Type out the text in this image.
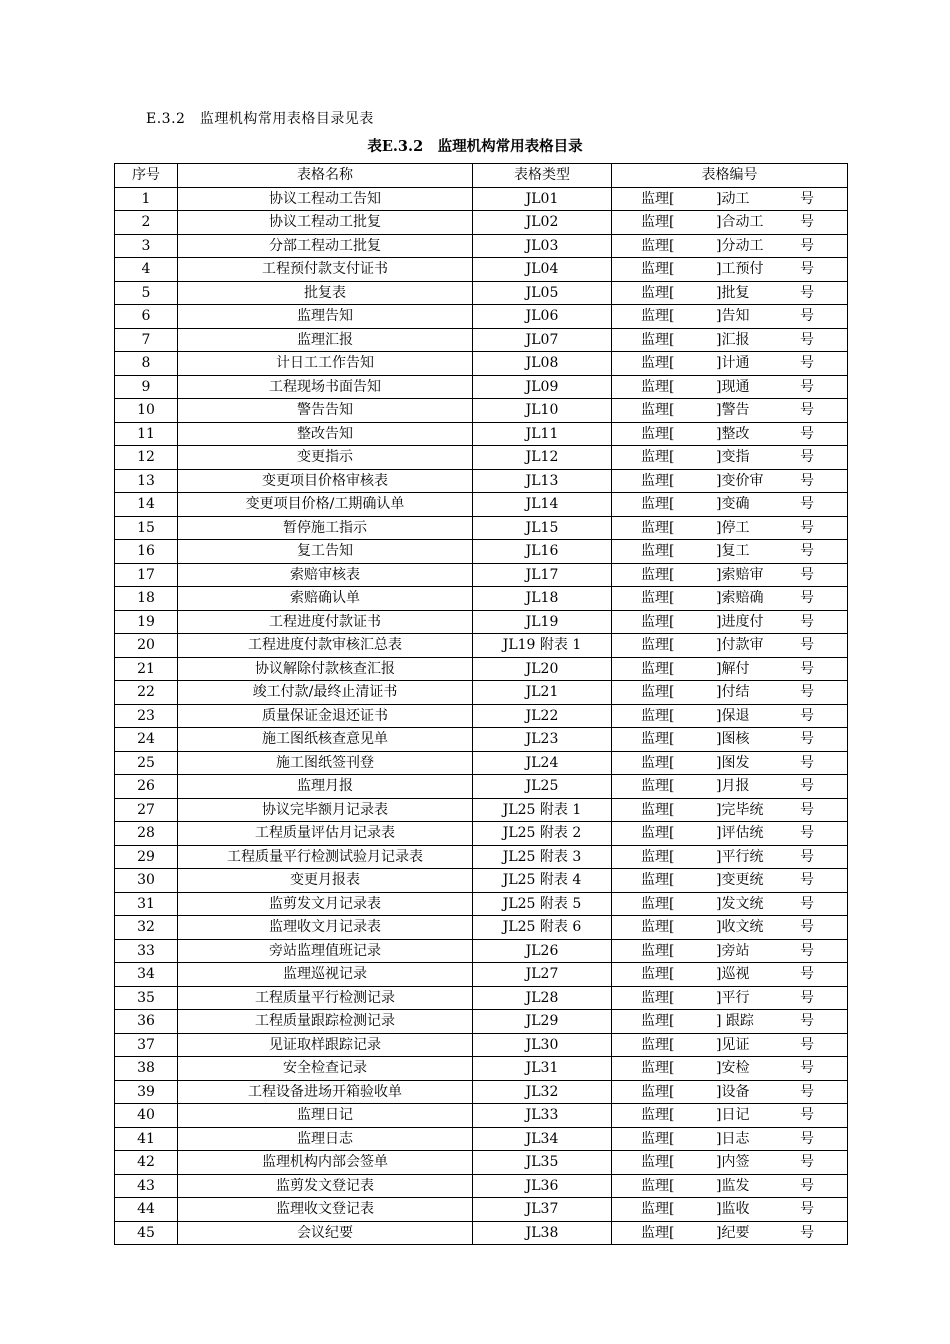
E.3.2　监理机构常用表格目录见表
表E.3.2　监理机构常用表格目录
序号	表格名称	表格类型	表格编号
1	协议工程动工告知	JL01	监理[ ]动工 号

2	协议工程动工批复	JL02	监理[ ]合动工 号

3	分部工程动工批复	JL03	监理[ ]分动工 号

4	工程预付款支付证书	JL04	监理[ ]工预付 号

5	批复表	JL05	监理[ ]批复 号

6	监理告知	JL06	监理[ ]告知 号

7	监理汇报	JL07	监理[ ]汇报 号

8	计日工工作告知	JL08	监理[ ]计通 号

9	工程现场书面告知	JL09	监理[ ]现通 号

10	警告告知	JL10	监理[ ]警告 号

11	整改告知	JL11	监理[ ]整改 号

12	变更指示	JL12	监理[ ]变指 号

13	变更项目价格审核表	JL13	监理[ ]变价审 号

14	变更项目价格/工期确认单	JL14	监理[ ]变确 号

15	暂停施工指示	JL15	监理[ ]停工 号

16	复工告知	JL16	监理[ ]复工 号

17	索赔审核表	JL17	监理[ ]索赔审 号

18	索赔确认单	JL18	监理[ ]索赔确 号

19	工程进度付款证书	JL19	监理[ ]进度付 号

20	工程进度付款审核汇总表	JL19 附表 1	监理[ ]付款审 号

21	协议解除付款核查汇报	JL20	监理[ ]解付 号

22	竣工付款/最终止清证书	JL21	监理[ ]付结 号

23	质量保证金退还证书	JL22	监理[ ]保退 号

24	施工图纸核查意见单	JL23	监理[ ]图核 号

25	施工图纸签刊登	JL24	监理[ ]图发 号

26	监理月报	JL25	监理[ ]月报 号

27	协议完毕额月记录表	JL25 附表 1	监理[ ]完毕统 号

28	工程质量评估月记录表	JL25 附表 2	监理[ ]评估统 号

29	工程质量平行检测试验月记录表	JL25 附表 3	监理[ ]平行统 号

30	变更月报表	JL25 附表 4	监理[ ]变更统 号

31	监剪发文月记录表	JL25 附表 5	监理[ ]发文统 号

32	监理收文月记录表	JL25 附表 6	监理[ ]收文统 号

33	旁站监理值班记录	JL26	监理[ ]旁站 号

34	监理巡视记录	JL27	监理[ ]巡视 号

35	工程质量平行检测记录	JL28	监理[ ]平行 号

36	工程质量跟踪检测记录	JL29	监理[ ] 跟踪 号

37	见证取样跟踪记录	JL30	监理[ ]见证 号

38	安全检查记录	JL31	监理[ ]安检 号

39	工程设备进场开箱验收单	JL32	监理[ ]设备 号

40	监理日记	JL33	监理[ ]日记 号

41	监理日志	JL34	监理[ ]日志 号

42	监理机构内部会签单	JL35	监理[ ]内签 号

43	监剪发文登记表	JL36	监理[ ]监发 号

44	监理收文登记表	JL37	监理[ ]监收 号

45	会议纪要	JL38	监理[ ]纪要 号
